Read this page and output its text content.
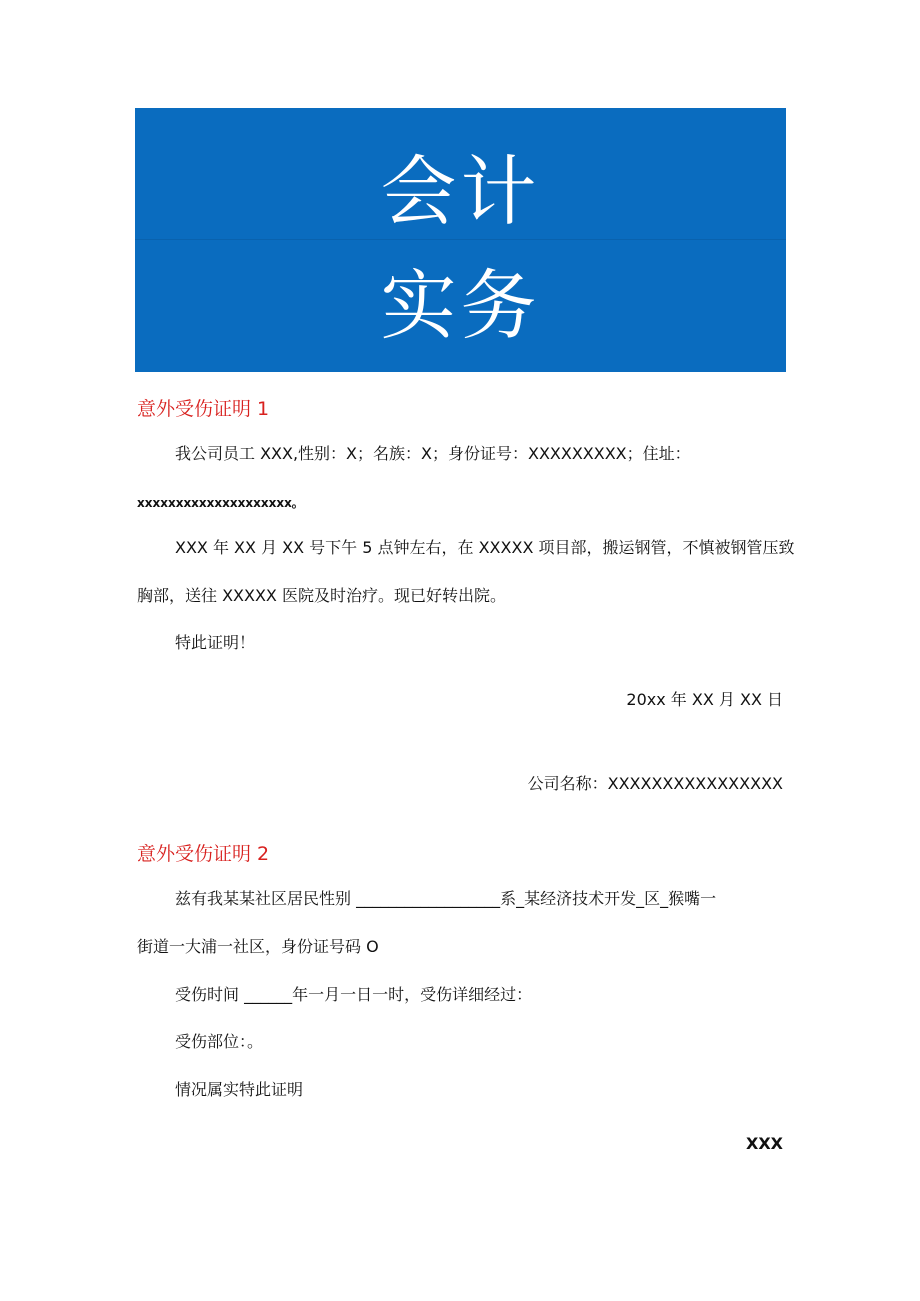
会计
实务
意外受伤证明 1
我公司员工 XXX,性别：X；名族：X；身份证号：XXXXXXXXX；住址：
xxxxxxxxxxxxxxxxxxxx。
XXX 年 XX 月 XX 号下午 5 点钟左右，在 XXXXX 项目部，搬运钢管，不慎被钢管压致
胸部，送往 XXXXX 医院及时治疗。现已好转出院。
特此证明！
20xx 年 XX 月 XX 日
公司名称：XXXXXXXXXXXXXXXX
意外受伤证明 2
兹有我某某社区居民性别 __________________系_某经济技术开发_区_猴嘴一
街道一大浦一社区，身份证号码 O
受伤时间 ______年一月一日一时，受伤详细经过：
受伤部位：。
情况属实特此证明
XXX
